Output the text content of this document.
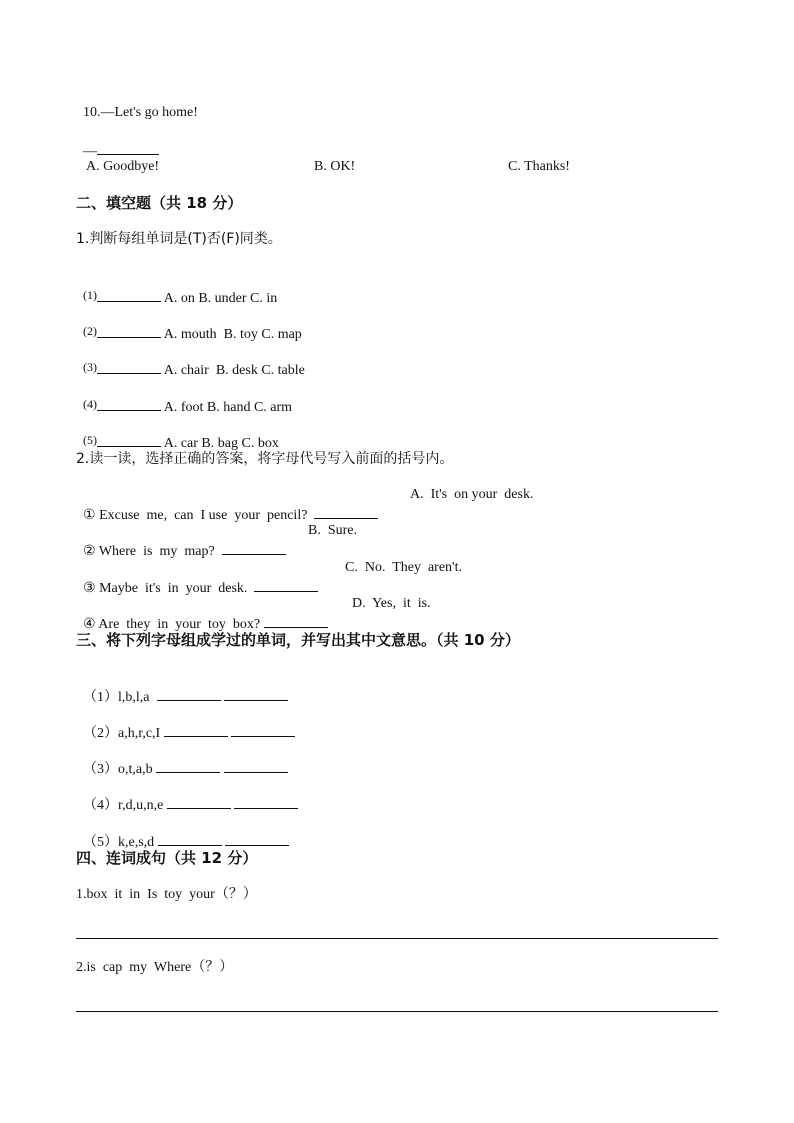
10.—Let's go home!

—

A. Goodbye!	B. OK!	C. Thanks!
二、填空题（共 18 分）
1.判断每组单词是(T)否(F)同类。

(1)	A. on B. under C. in

(2)	A. mouth  B. toy C. map

(3)	A. chair  B. desk C. table

(4)	A. foot B. hand C. arm

(5)	A. car B. bag C. box

2.读一读，选择正确的答案，将字母代号写入前面的括号内。

① Excuse  me,  can  I use  your  pencil?
A.  It's  on your  desk.

② Where  is  my  map?
B.  Sure.

③ Maybe  it's  in  your  desk.
C.  No.  They  aren't.

④ Are  they  in  your  toy  box?
D.  Yes,  it  is.
三、将下列字母组成学过的单词，并写出其中文意思。（共 10 分）

（1）l,b,l,a

（2）a,h,r,c,I

（3）o,t,a,b

（4）r,d,u,n,e

（5）k,e,s,d
四、连词成句（共 12 分）
1.box  it  in  Is  toy  your（？）
2.is  cap  my  Where（？）
